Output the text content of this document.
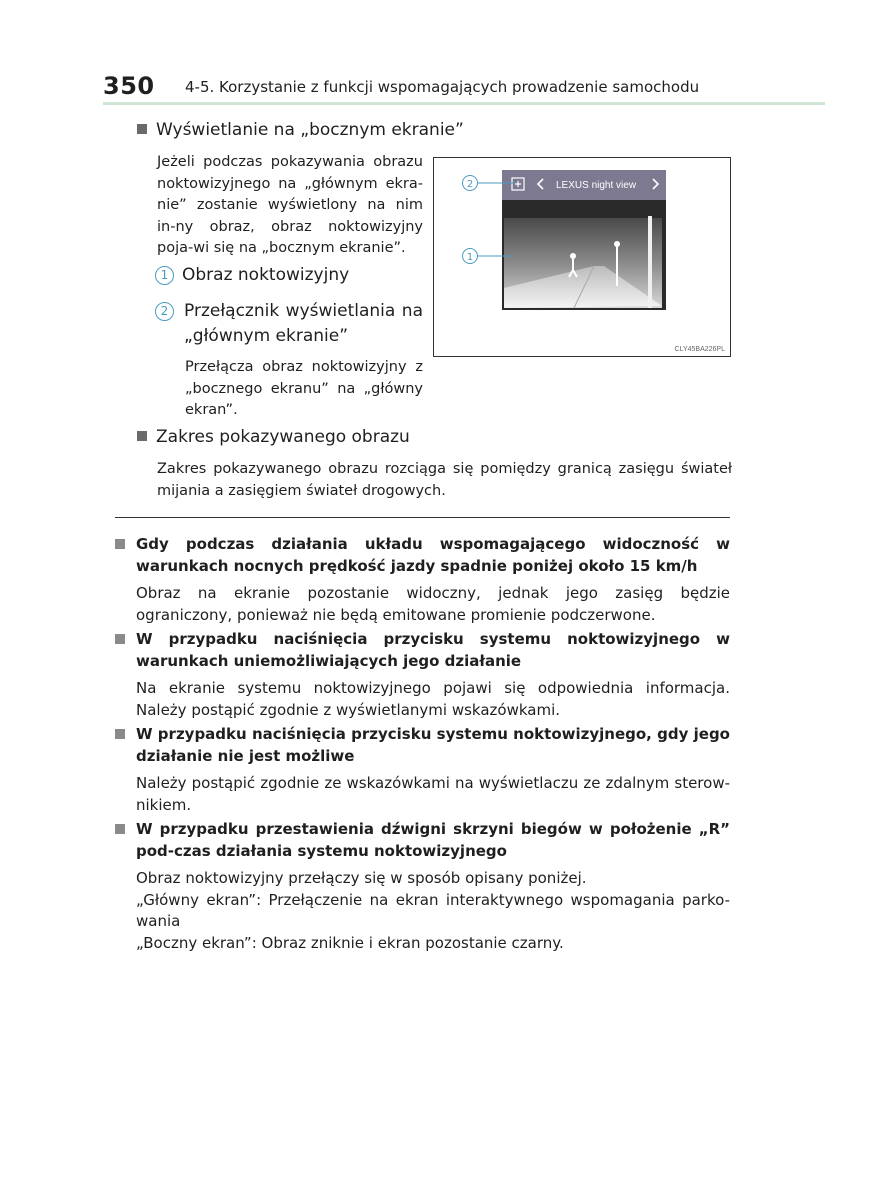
350 4-5. Korzystanie z funkcji wspomagających prowadzenie samochodu
Wyświetlanie na „bocznym ekranie”
Jeżeli podczas pokazywania obrazu noktowizyjnego na „głównym ekra-nie” zostanie wyświetlony na nim in-ny obraz, obraz noktowizyjny poja-wi się na „bocznym ekranie”.
1 Obraz noktowizyjny
2 Przełącznik wyświetlania na „głównym ekranie”
Przełącza obraz noktowizyjny z „bocznego ekranu” na „główny ekran”.
LEXUS night view
2
1
CLY45BA226PL
Zakres pokazywanego obrazu
Zakres pokazywanego obrazu rozciąga się pomiędzy granicą zasięgu świateł mijania a zasięgiem świateł drogowych.
Gdy podczas działania układu wspomagającego widoczność w warunkach nocnych prędkość jazdy spadnie poniżej około 15 km/h
Obraz na ekranie pozostanie widoczny, jednak jego zasięg będzie ograniczony, ponieważ nie będą emitowane promienie podczerwone.
W przypadku naciśnięcia przycisku systemu noktowizyjnego w warunkach uniemożliwiających jego działanie
Na ekranie systemu noktowizyjnego pojawi się odpowiednia informacja. Należy postąpić zgodnie z wyświetlanymi wskazówkami.
W przypadku naciśnięcia przycisku systemu noktowizyjnego, gdy jego działanie nie jest możliwe
Należy postąpić zgodnie ze wskazówkami na wyświetlaczu ze zdalnym sterow-nikiem.
W przypadku przestawienia dźwigni skrzyni biegów w położenie „R” pod-czas działania systemu noktowizyjnego
Obraz noktowizyjny przełączy się w sposób opisany poniżej.
„Główny ekran”: Przełączenie na ekran interaktywnego wspomagania parko-wania
„Boczny ekran”: Obraz zniknie i ekran pozostanie czarny.
